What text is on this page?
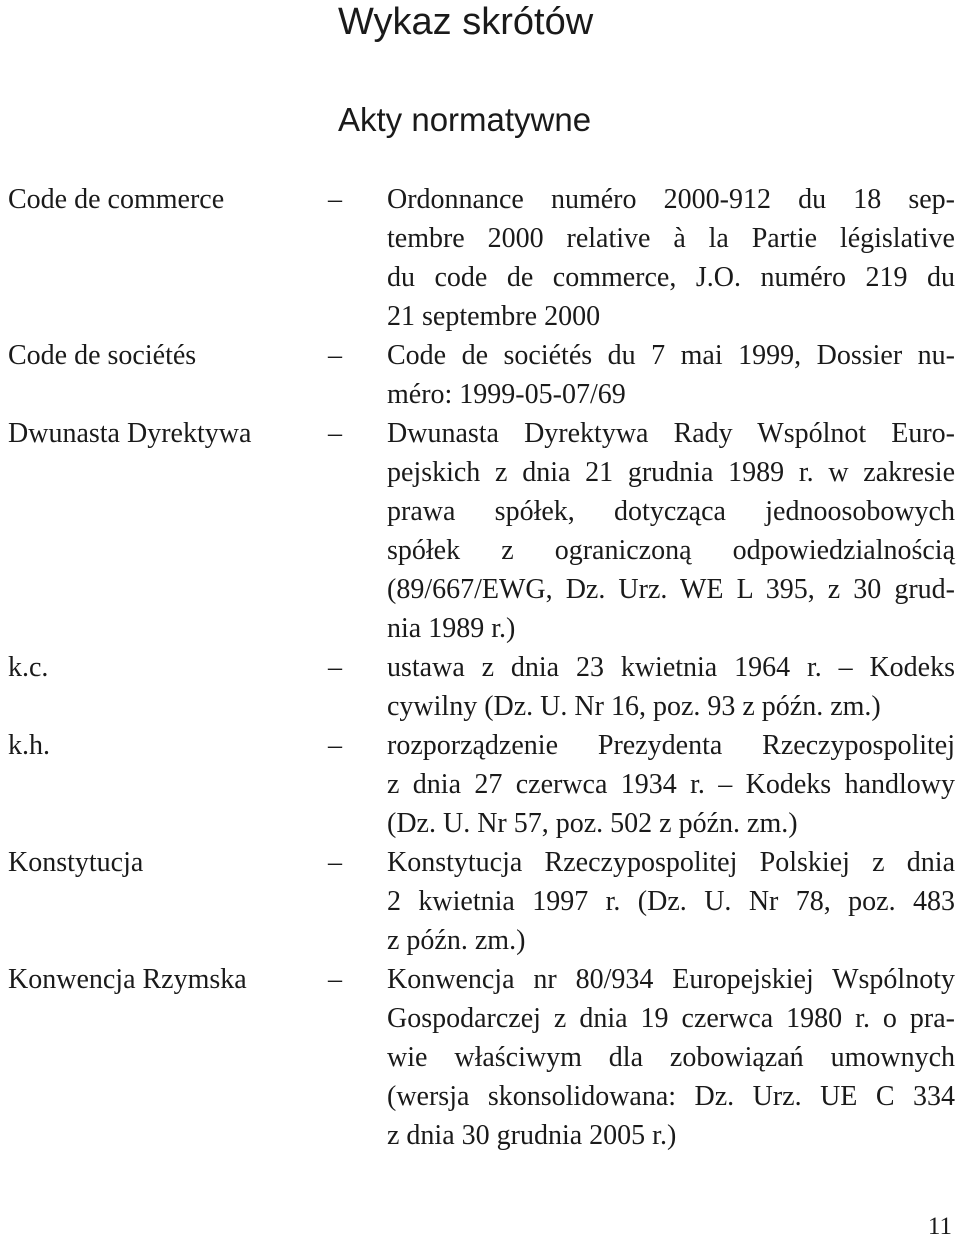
Wykaz skrótów
Akty normatywne
Code de commerce	– Ordonnance numéro 2000-912 du 18 sep-
tembre 2000 relative à la Partie législative
du code de commerce, J.O. numéro 219 du
21 septembre 2000
Code de sociétés	– Code de sociétés du 7 mai 1999, Dossier nu-
méro: 1999-05-07/69
Dwunasta Dyrektywa	– Dwunasta Dyrektywa Rady Wspólnot Euro-
pejskich z dnia 21 grudnia 1989 r. w zakresie
prawa spółek, dotycząca jednoosobowych
spółek z ograniczoną odpowiedzialnością
(89/667/EWG, Dz. Urz. WE L 395, z 30 grud-
nia 1989 r.)
k.c.	– ustawa z dnia 23 kwietnia 1964 r. – Kodeks
cywilny (Dz. U. Nr 16, poz. 93 z późn. zm.)
k.h.	– rozporządzenie Prezydenta Rzeczypospolitej
z dnia 27 czerwca 1934 r. – Kodeks handlowy
(Dz. U. Nr 57, poz. 502 z późn. zm.)
Konstytucja	– Konstytucja Rzeczypospolitej Polskiej z dnia
2 kwietnia 1997 r. (Dz. U. Nr 78, poz. 483
z późn. zm.)
Konwencja Rzymska	– Konwencja nr 80/934 Europejskiej Wspólnoty
Gospodarczej z dnia 19 czerwca 1980 r. o pra-
wie właściwym dla zobowiązań umownych
(wersja skonsolidowana: Dz. Urz. UE C 334
z dnia 30 grudnia 2005 r.)
11
